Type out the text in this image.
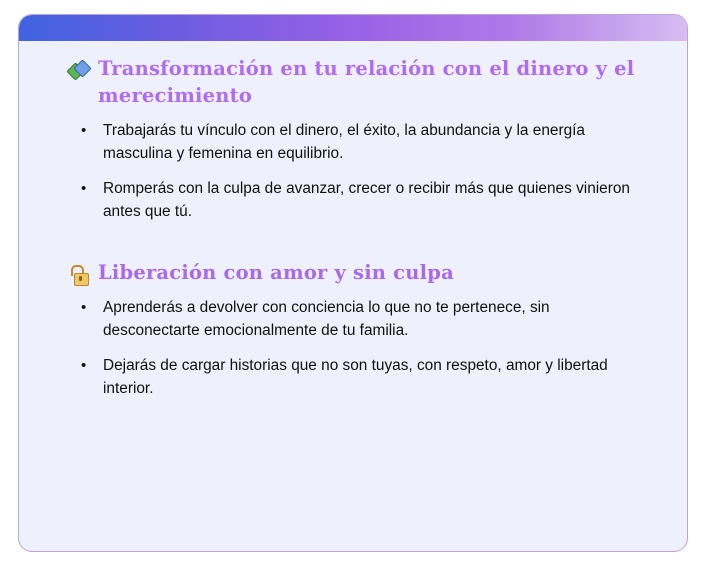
Transformación en tu relación con el dinero y el merecimiento
• Trabajarás tu vínculo con el dinero, el éxito, la abundancia y la energía masculina y femenina en equilibrio.
• Romperás con la culpa de avanzar, crecer o recibir más que quienes vinieron antes que tú.
Liberación con amor y sin culpa
• Aprenderás a devolver con conciencia lo que no te pertenece, sin desconectarte emocionalmente de tu familia.
• Dejarás de cargar historias que no son tuyas, con respeto, amor y libertad interior.
